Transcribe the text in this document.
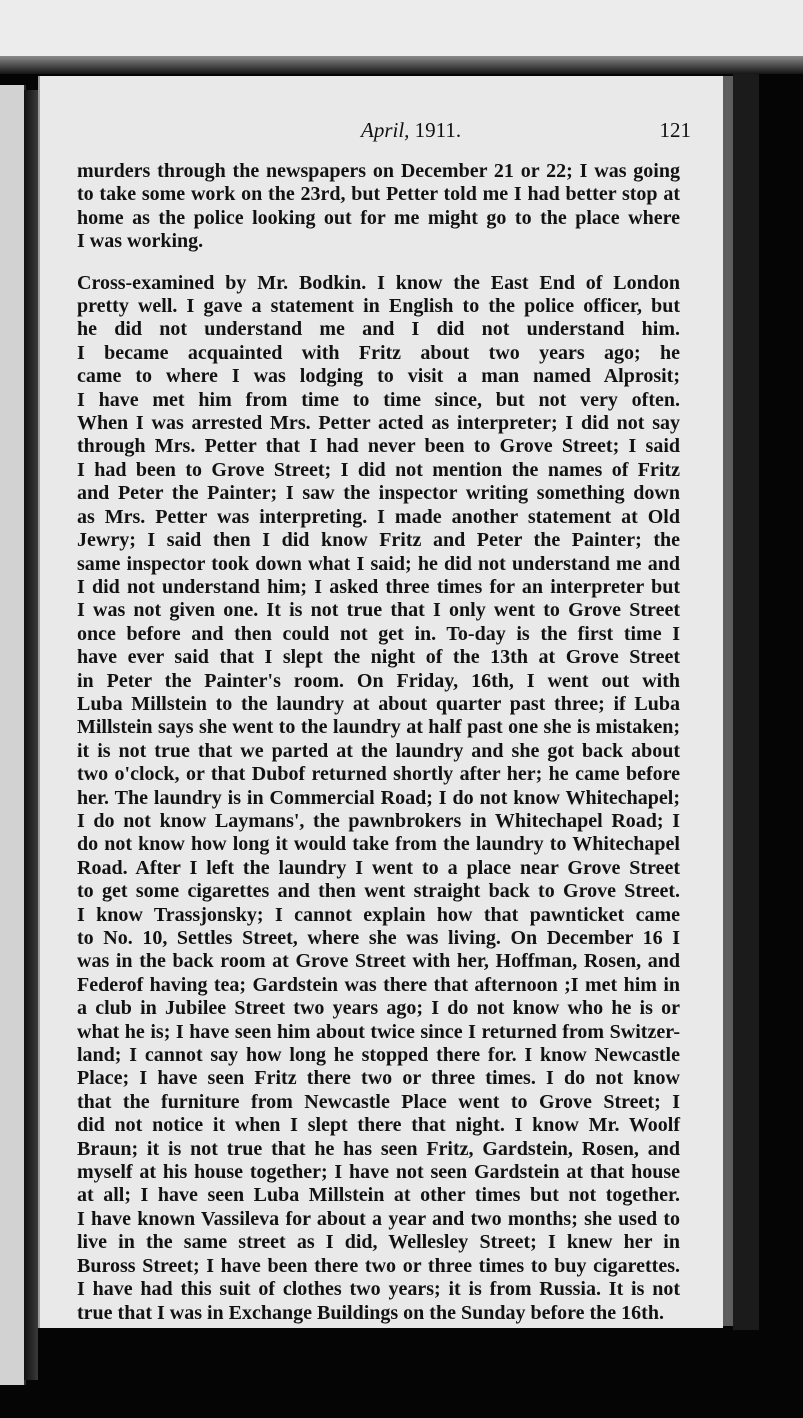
April, 1911.	121

murders through the newspapers on December 21 or 22; I was going
to take some work on the 23rd, but Petter told me I had better stop at
home as the police looking out for me might go to the place where
I was working.

Cross-examined by Mr. Bodkin. I know the East End of London
pretty well. I gave a statement in English to the police officer, but
he did not understand me and I did not understand him.
I became acquainted with Fritz about two years ago; he
came to where I was lodging to visit a man named Alprosit;
I have met him from time to time since, but not very often.
When I was arrested Mrs. Petter acted as interpreter; I did not say
through Mrs. Petter that I had never been to Grove Street; I said
I had been to Grove Street; I did not mention the names of Fritz
and Peter the Painter; I saw the inspector writing something down
as Mrs. Petter was interpreting. I made another statement at Old
Jewry; I said then I did know Fritz and Peter the Painter; the
same inspector took down what I said; he did not understand me and
I did not understand him; I asked three times for an interpreter but
I was not given one. It is not true that I only went to Grove Street
once before and then could not get in. To-day is the first time I
have ever said that I slept the night of the 13th at Grove Street
in Peter the Painter's room. On Friday, 16th, I went out with
Luba Millstein to the laundry at about quarter past three; if Luba
Millstein says she went to the laundry at half past one she is mistaken;
it is not true that we parted at the laundry and she got back about
two o'clock, or that Dubof returned shortly after her; he came before
her. The laundry is in Commercial Road; I do not know Whitechapel;
I do not know Laymans', the pawnbrokers in Whitechapel Road; I
do not know how long it would take from the laundry to Whitechapel
Road. After I left the laundry I went to a place near Grove Street
to get some cigarettes and then went straight back to Grove Street.
I know Trassjonsky; I cannot explain how that pawnticket came
to No. 10, Settles Street, where she was living. On December 16 I
was in the back room at Grove Street with her, Hoffman, Rosen, and
Federof having tea; Gardstein was there that afternoon ;I met him in
a club in Jubilee Street two years ago; I do not know who he is or
what he is; I have seen him about twice since I returned from Switzer-
land; I cannot say how long he stopped there for. I know Newcastle
Place; I have seen Fritz there two or three times. I do not know
that the furniture from Newcastle Place went to Grove Street; I
did not notice it when I slept there that night. I know Mr. Woolf
Braun; it is not true that he has seen Fritz, Gardstein, Rosen, and
myself at his house together; I have not seen Gardstein at that house
at all; I have seen Luba Millstein at other times but not together.
I have known Vassileva for about a year and two months; she used to
live in the same street as I did, Wellesley Street; I knew her in
Buross Street; I have been there two or three times to buy cigarettes.
I have had this suit of clothes two years; it is from Russia. It is not
true that I was in Exchange Buildings on the Sunday before the 16th.
